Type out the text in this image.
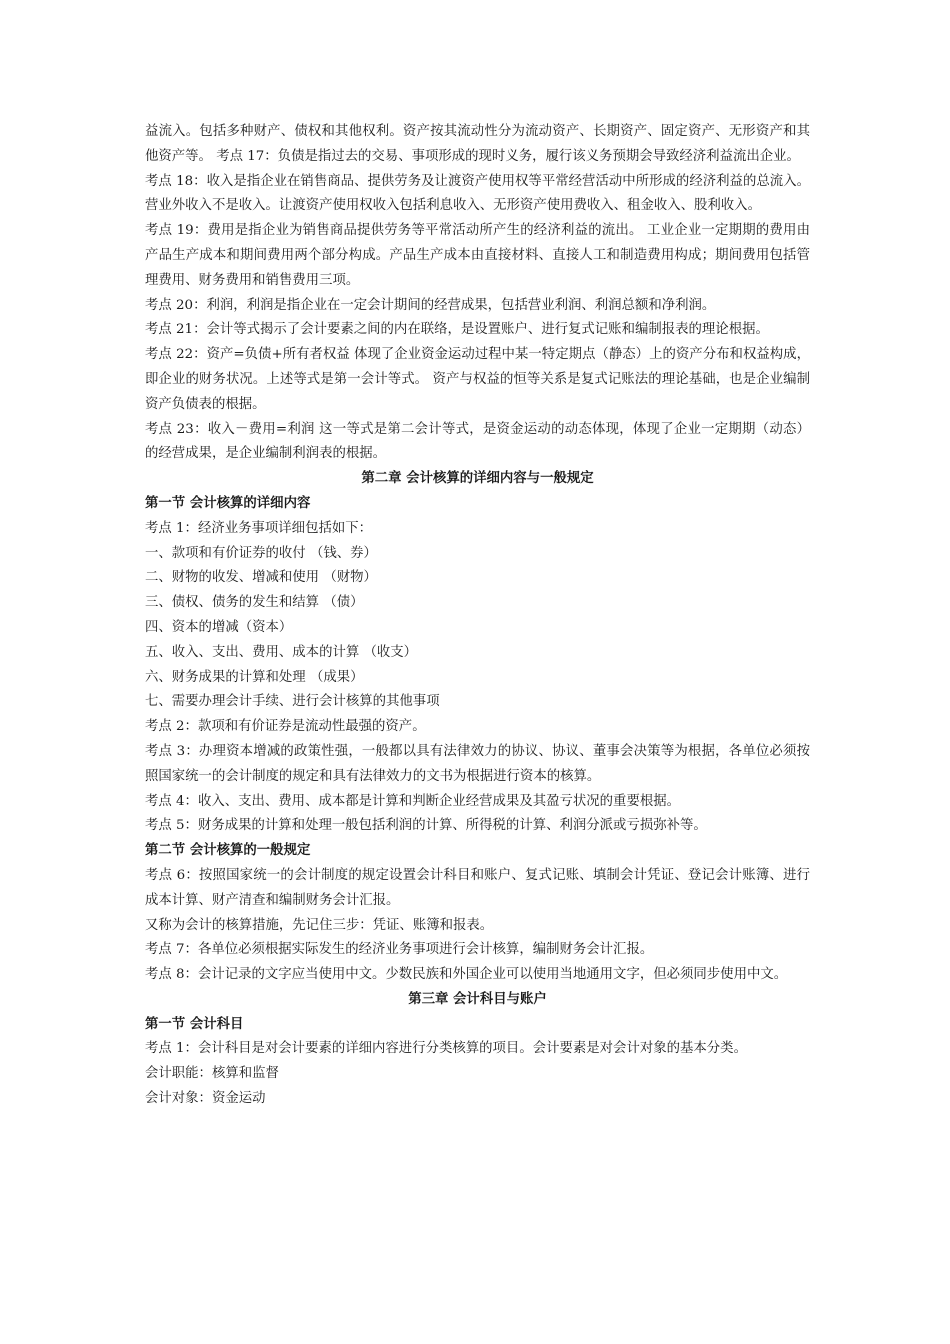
益流入。包括多种财产、债权和其他权利。资产按其流动性分为流动资产、长期资产、固定资产、无形资产和其他资产等。 考点 17：负债是指过去的交易、事项形成的现时义务，履行该义务预期会导致经济利益流出企业。

考点 18：收入是指企业在销售商品、提供劳务及让渡资产使用权等平常经营活动中所形成的经济利益的总流入。 营业外收入不是收入。让渡资产使用权收入包括利息收入、无形资产使用费收入、租金收入、股利收入。

考点 19：费用是指企业为销售商品提供劳务等平常活动所产生的经济利益的流出。 工业企业一定期期的费用由产品生产成本和期间费用两个部分构成。产品生产成本由直接材料、直接人工和制造费用构成；期间费用包括管理费用、财务费用和销售费用三项。

考点 20：利润，利润是指企业在一定会计期间的经营成果，包括营业利润、利润总额和净利润。

考点 21：会计等式揭示了会计要素之间的内在联络，是设置账户、进行复式记账和编制报表的理论根据。

考点 22：资产=负债+所有者权益 体现了企业资金运动过程中某一特定期点（静态）上的资产分布和权益构成，即企业的财务状况。上述等式是第一会计等式。 资产与权益的恒等关系是复式记账法的理论基础，也是企业编制资产负债表的根据。

考点 23：收入－费用=利润 这一等式是第二会计等式，是资金运动的动态体现，体现了企业一定期期（动态）的经营成果，是企业编制利润表的根据。

第二章 会计核算的详细内容与一般规定

第一节 会计核算的详细内容

考点 1：经济业务事项详细包括如下：

一、款项和有价证券的收付 （钱、券）

二、财物的收发、增减和使用 （财物）

三、债权、债务的发生和结算 （债）

四、资本的增减（资本）

五、收入、支出、费用、成本的计算 （收支）

六、财务成果的计算和处理 （成果）

七、需要办理会计手续、进行会计核算的其他事项

考点 2：款项和有价证券是流动性最强的资产。

考点 3：办理资本增减的政策性强，一般都以具有法律效力的协议、协议、董事会决策等为根据，各单位必须按照国家统一的会计制度的规定和具有法律效力的文书为根据进行资本的核算。

考点 4：收入、支出、费用、成本都是计算和判断企业经营成果及其盈亏状况的重要根据。

考点 5：财务成果的计算和处理一般包括利润的计算、所得税的计算、利润分派或亏损弥补等。

第二节 会计核算的一般规定

考点 6：按照国家统一的会计制度的规定设置会计科目和账户、复式记账、填制会计凭证、登记会计账簿、进行成本计算、财产清查和编制财务会计汇报。

又称为会计的核算措施，先记住三步：凭证、账簿和报表。

考点 7：各单位必须根据实际发生的经济业务事项进行会计核算，编制财务会计汇报。

考点 8：会计记录的文字应当使用中文。少数民族和外国企业可以使用当地通用文字，但必须同步使用中文。

第三章 会计科目与账户

第一节 会计科目

考点 1：会计科目是对会计要素的详细内容进行分类核算的项目。会计要素是对会计对象的基本分类。

会计职能：核算和监督

会计对象：资金运动
